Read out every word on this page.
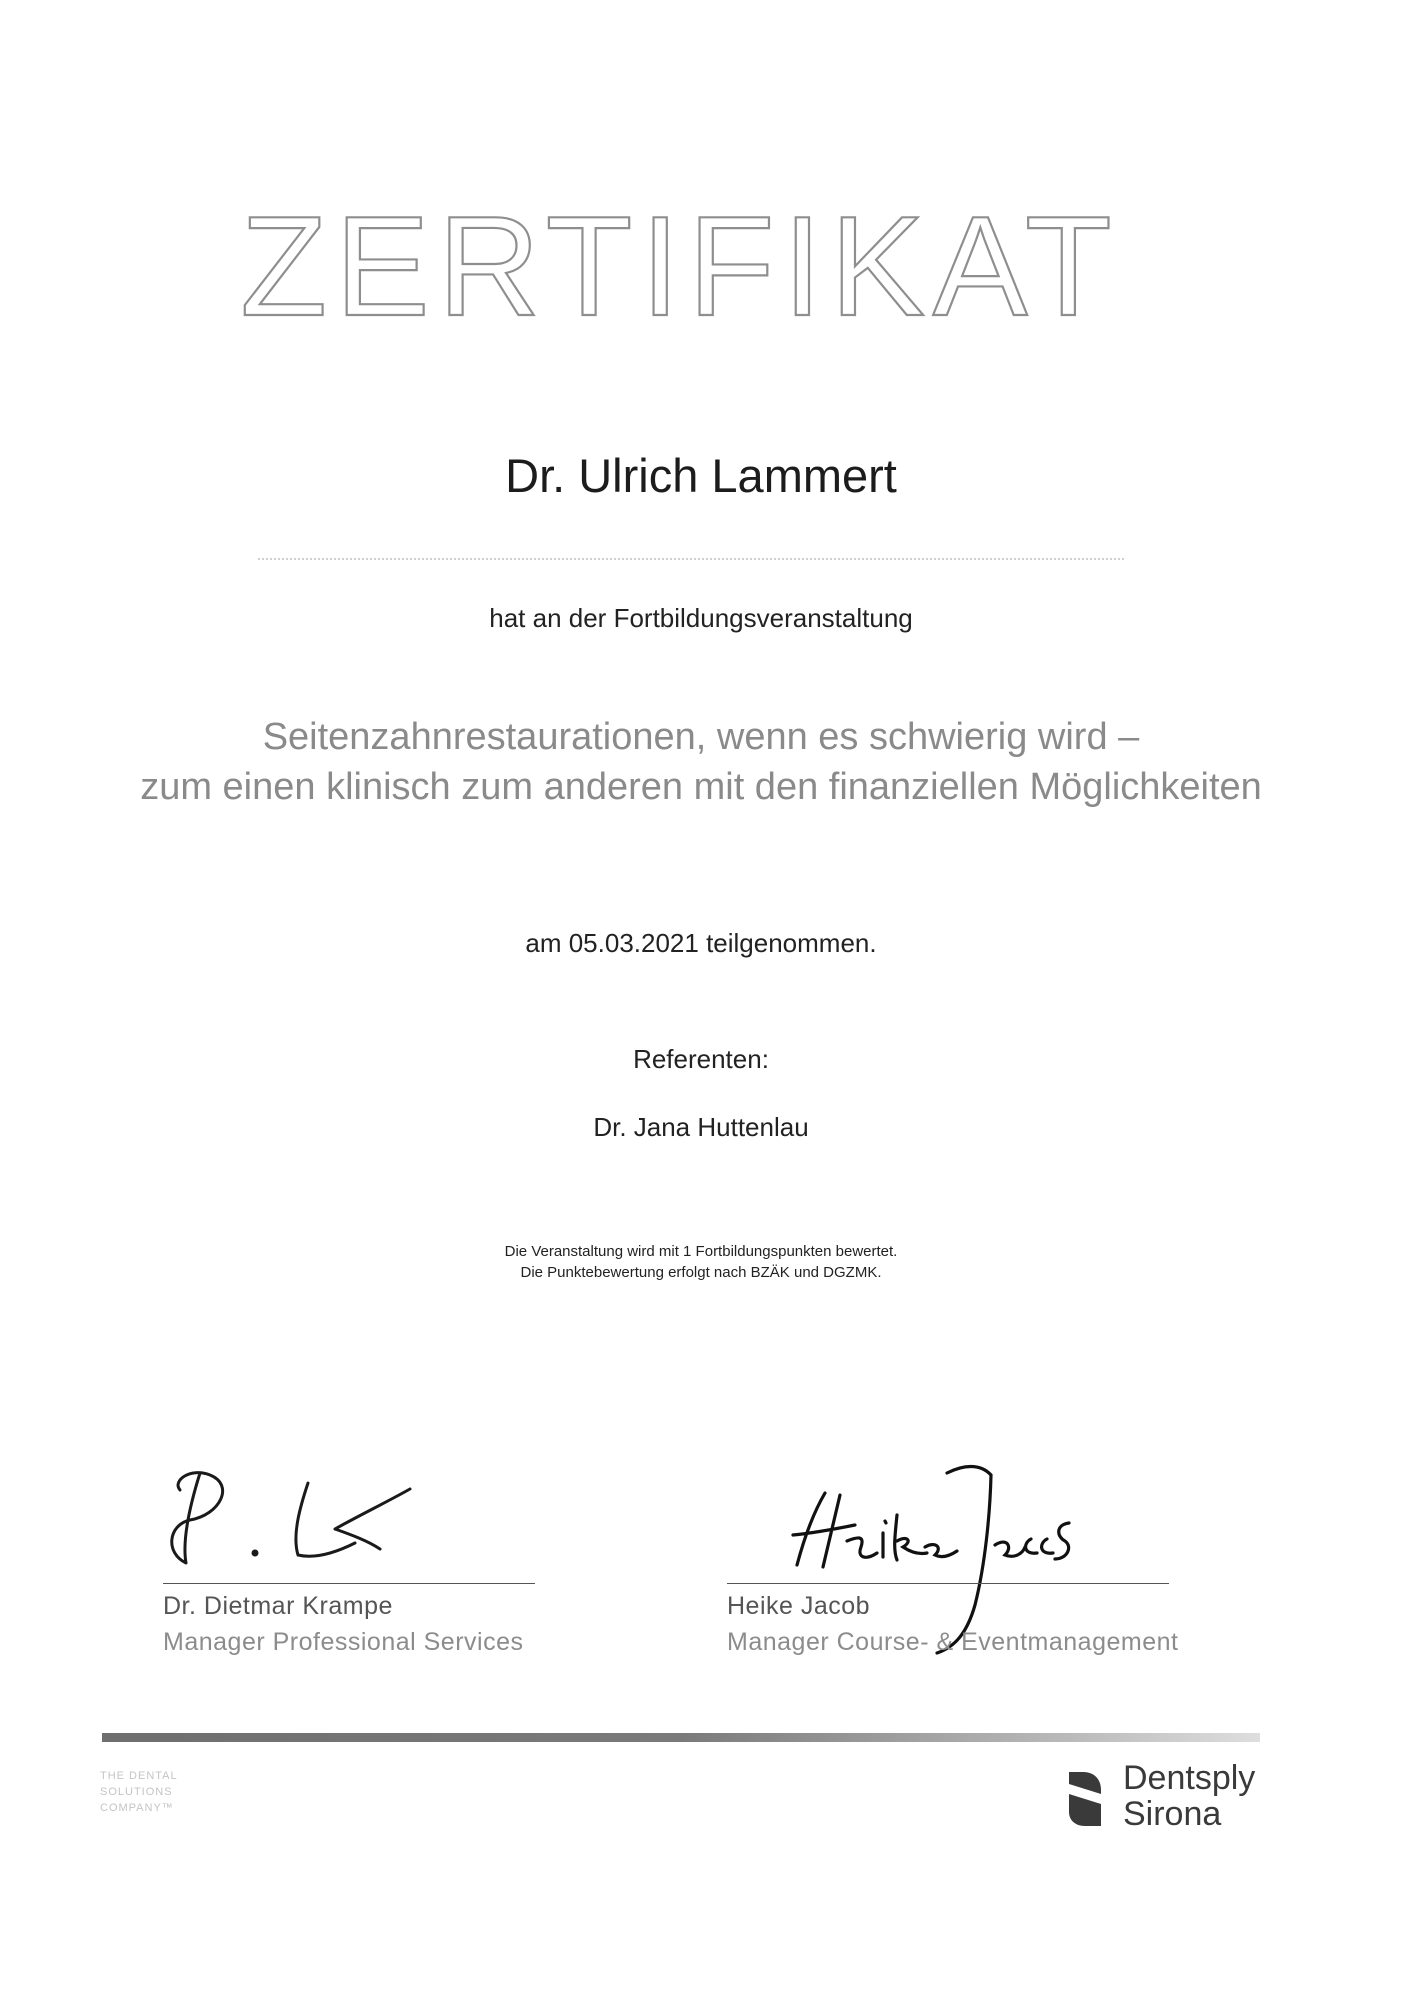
ZERTIFIKAT
Dr. Ulrich Lammert
hat an der Fortbildungsveranstaltung
Seitenzahnrestaurationen, wenn es schwierig wird –
zum einen klinisch zum anderen mit den finanziellen Möglichkeiten
am 05.03.2021 teilgenommen.
Referenten:
Dr. Jana Huttenlau
Die Veranstaltung wird mit 1 Fortbildungspunkten bewertet.
Die Punktebewertung erfolgt nach BZÄK und DGZMK.
Dr. Dietmar Krampe
Manager Professional Services
Heike Jacob
Manager Course- & Eventmanagement
THE DENTAL
SOLUTIONS
COMPANY™
Dentsply
Sirona
